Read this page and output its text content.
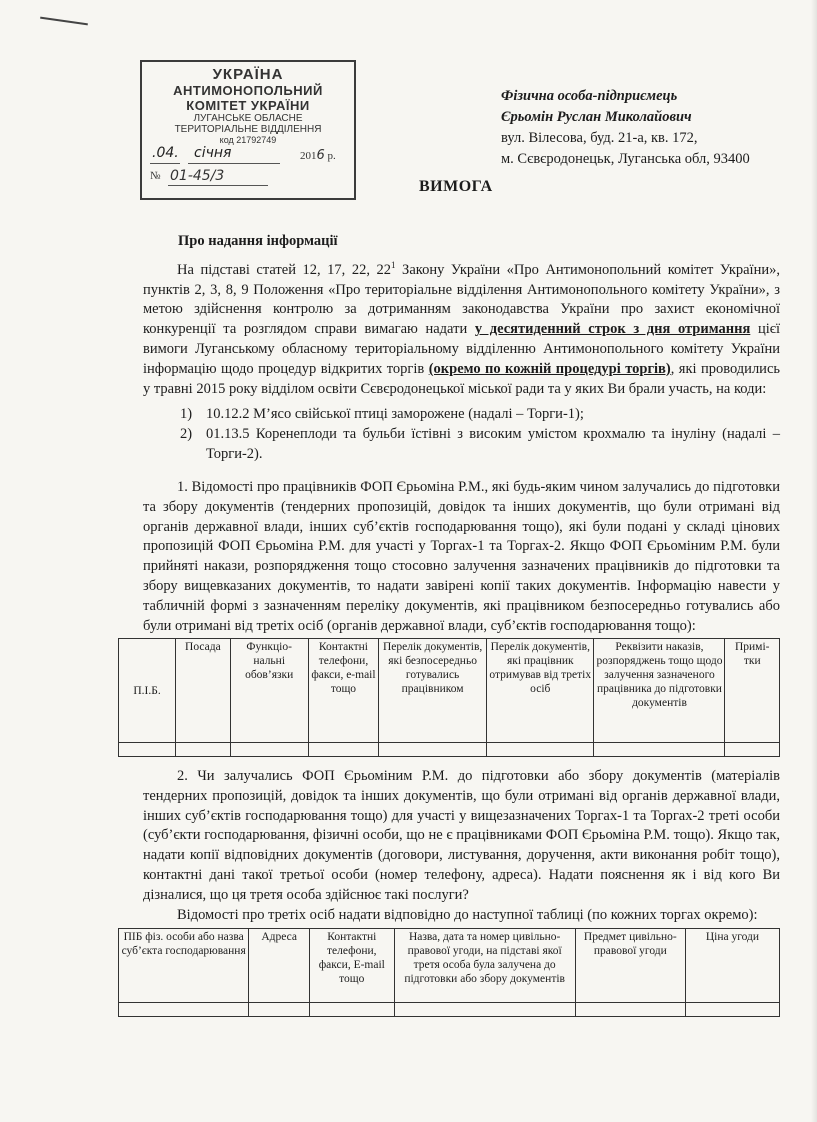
УКРАЇНА
АНТИМОНОПОЛЬНИЙ
КОМІТЕТ УКРАЇНИ
ЛУГАНСЬКЕ ОБЛАСНЕ
ТЕРИТОРІАЛЬНЕ ВІДДІЛЕННЯ
код 21792749
.04. січня	2016 р.
№ 01-45/3
Фізична особа-підприємець
Єрьомін Руслан Миколайович
вул. Вілесова, буд. 21-а, кв. 172,
м. Сєвєродонецьк, Луганська обл, 93400
ВИМОГА
Про надання інформації

На підставі статей 12, 17, 22, $22^1$ Закону України «Про Антимонопольний комітет України», пунктів 2, 3, 8, 9 Положення «Про територіальне відділення Антимонопольного комітету України», з метою здійснення контролю за дотриманням законодавства України про захист економічної конкуренції та розглядом справи вимагаю надати у десятиденний строк з дня отримання цієї вимоги Луганському обласному територіальному відділенню Антимонопольного комітету України інформацію щодо процедур відкритих торгів (окремо по кожній процедурі торгів), які проводились у травні 2015 року відділом освіти Сєвєродонецької міської ради та у яких Ви брали участь, на коди:

1) 10.12.2 М’ясо свійської птиці заморожене (надалі – Торги-1);
2) 01.13.5 Коренеплоди та бульби їстівні з високим умістом крохмалю та інуліну (надалі – Торги-2).

1. Відомості про працівників ФОП Єрьоміна Р.М., які будь-яким чином залучались до підготовки та збору документів (тендерних пропозицій, довідок та інших документів, що були отримані від органів державної влади, інших суб’єктів господарювання тощо), які були подані у складі цінових пропозицій ФОП Єрьоміна Р.М. для участі у Торгах-1 та Торгах-2. Якщо ФОП Єрьоміним Р.М. були прийняті накази, розпорядження тощо стосовно залучення зазначених працівників до підготовки та збору вищевказаних документів, то надати завірені копії таких документів. Інформацію навести у табличній формі з зазначенням переліку документів, які працівником безпосередньо готувались або були отримані від третіх осіб (органів державної влади, суб’єктів господарювання тощо):

П.І.Б.	Посада	Функціо-нальні обов’язки	Контактні телефони, факси, e-mail тощо	Перелік документів, які безпосередньо готувались працівником	Перелік документів, які працівник отримував від третіх осіб	Реквізити наказів, розпоряджень тощо щодо залучення зазначеного працівника до підготовки документів	Примі-тки

2. Чи залучались ФОП Єрьоміним Р.М. до підготовки або збору документів (матеріалів тендерних пропозицій, довідок та інших документів, що були отримані від органів державної влади, інших суб’єктів господарювання тощо) для участі у вищезазначених Торгах-1 та Торгах-2 треті особи (суб’єкти господарювання, фізичні особи, що не є працівниками ФОП Єрьоміна Р.М. тощо). Якщо так, надати копії відповідних документів (договори, листування, доручення, акти виконання робіт тощо), контактні дані такої третьої особи (номер телефону, адреса). Надати пояснення як і від кого Ви дізналися, що ця третя особа здійснює такі послуги?

Відомості про третіх осіб надати відповідно до наступної таблиці (по кожних торгах окремо):

ПІБ фіз. особи або назва суб’єкта господарювання	Адреса	Контактні телефони, факси, E-mail тощо	Назва, дата та номер цивільно-правової угоди, на підставі якої третя особа була залучена до підготовки або збору документів	Предмет цивільно-правової угоди	Ціна угоди
